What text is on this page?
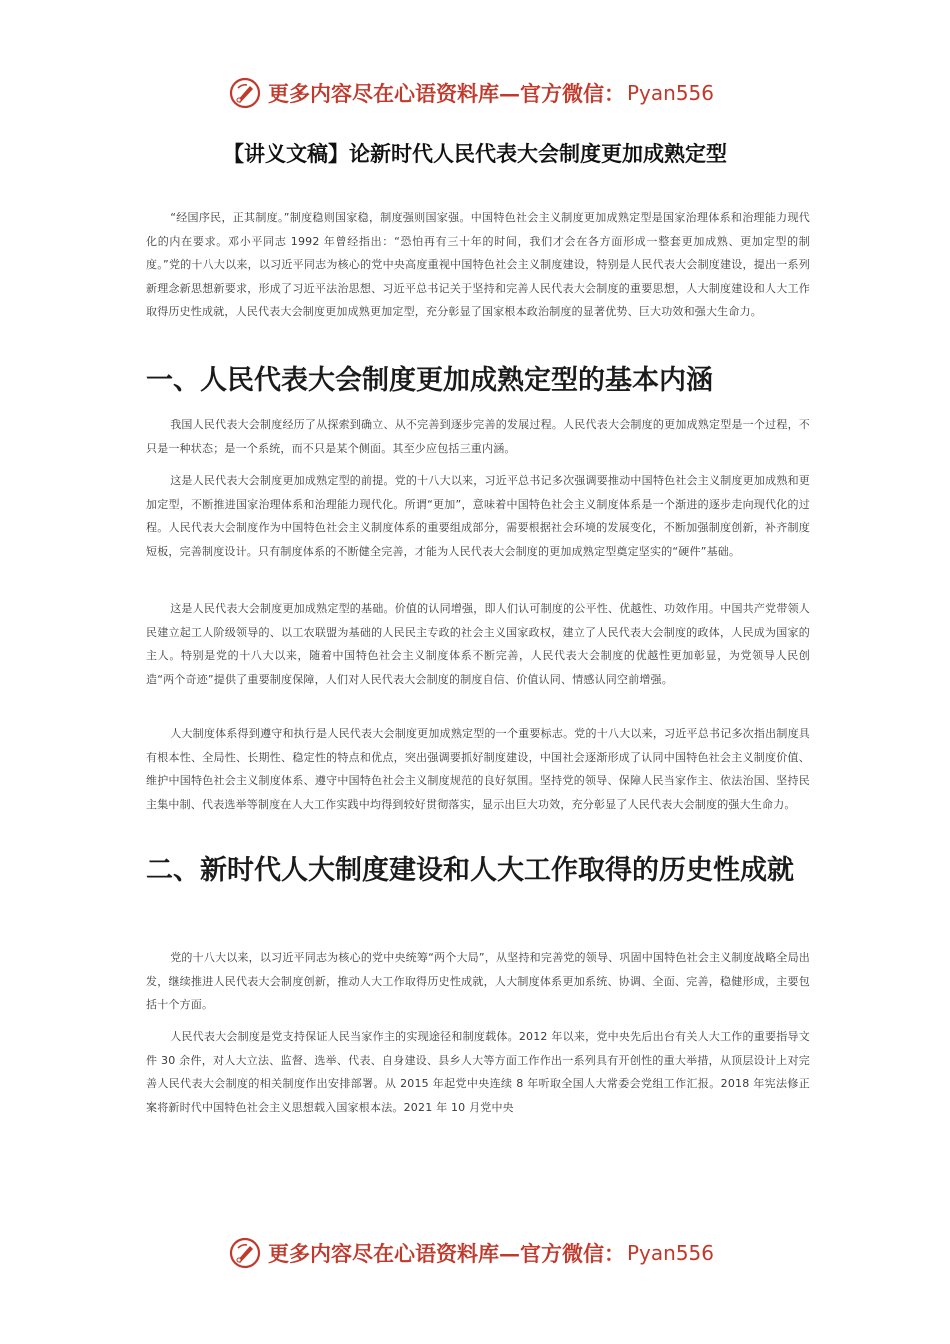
更多内容尽在心语资料库—官方微信： Pyan556
【讲义文稿】论新时代人民代表大会制度更加成熟定型

“经国序民，正其制度。”制度稳则国家稳，制度强则国家强。中国特色社会主义制度更加成熟定型是国家治理体系和治理能力现代化的内在要求。邓小平同志 1992 年曾经指出：“恐怕再有三十年的时间，我们才会在各方面形成一整套更加成熟、更加定型的制度。”党的十八大以来，以习近平同志为核心的党中央高度重视中国特色社会主义制度建设，特别是人民代表大会制度建设，提出一系列新理念新思想新要求，形成了习近平法治思想、习近平总书记关于坚持和完善人民代表大会制度的重要思想，人大制度建设和人大工作取得历史性成就，人民代表大会制度更加成熟更加定型，充分彰显了国家根本政治制度的显著优势、巨大功效和强大生命力。

一、人民代表大会制度更加成熟定型的基本内涵

我国人民代表大会制度经历了从探索到确立、从不完善到逐步完善的发展过程。人民代表大会制度的更加成熟定型是一个过程，不只是一种状态；是一个系统，而不只是某个侧面。其至少应包括三重内涵。

这是人民代表大会制度更加成熟定型的前提。党的十八大以来，习近平总书记多次强调要推动中国特色社会主义制度更加成熟和更加定型，不断推进国家治理体系和治理能力现代化。所谓“更加”，意味着中国特色社会主义制度体系是一个渐进的逐步走向现代化的过程。人民代表大会制度作为中国特色社会主义制度体系的重要组成部分，需要根据社会环境的发展变化，不断加强制度创新，补齐制度短板，完善制度设计。只有制度体系的不断健全完善，才能为人民代表大会制度的更加成熟定型奠定坚实的“硬件”基础。

这是人民代表大会制度更加成熟定型的基础。价值的认同增强，即人们认可制度的公平性、优越性、功效作用。中国共产党带领人民建立起工人阶级领导的、以工农联盟为基础的人民民主专政的社会主义国家政权，建立了人民代表大会制度的政体，人民成为国家的主人。特别是党的十八大以来，随着中国特色社会主义制度体系不断完善，人民代表大会制度的优越性更加彰显，为党领导人民创造“两个奇迹”提供了重要制度保障，人们对人民代表大会制度的制度自信、价值认同、情感认同空前增强。

人大制度体系得到遵守和执行是人民代表大会制度更加成熟定型的一个重要标志。党的十八大以来，习近平总书记多次指出制度具有根本性、全局性、长期性、稳定性的特点和优点，突出强调要抓好制度建设，中国社会逐渐形成了认同中国特色社会主义制度价值、维护中国特色社会主义制度体系、遵守中国特色社会主义制度规范的良好氛围。坚持党的领导、保障人民当家作主、依法治国、坚持民主集中制、代表选举等制度在人大工作实践中均得到较好贯彻落实，显示出巨大功效，充分彰显了人民代表大会制度的强大生命力。

二、新时代人大制度建设和人大工作取得的历史性成就

党的十八大以来，以习近平同志为核心的党中央统筹“两个大局”，从坚持和完善党的领导、巩固中国特色社会主义制度战略全局出发，继续推进人民代表大会制度创新，推动人大工作取得历史性成就，人大制度体系更加系统、协调、全面、完善，稳健形成，主要包括十个方面。

人民代表大会制度是党支持保证人民当家作主的实现途径和制度载体。2012 年以来，党中央先后出台有关人大工作的重要指导文件 30 余件，对人大立法、监督、选举、代表、自身建设、县乡人大等方面工作作出一系列具有开创性的重大举措，从顶层设计上对完善人民代表大会制度的相关制度作出安排部署。从 2015 年起党中央连续 8 年听取全国人大常委会党组工作汇报。2018 年宪法修正案将新时代中国特色社会主义思想载入国家根本法。2021 年 10 月党中央

更多内容尽在心语资料库—官方微信： Pyan556
